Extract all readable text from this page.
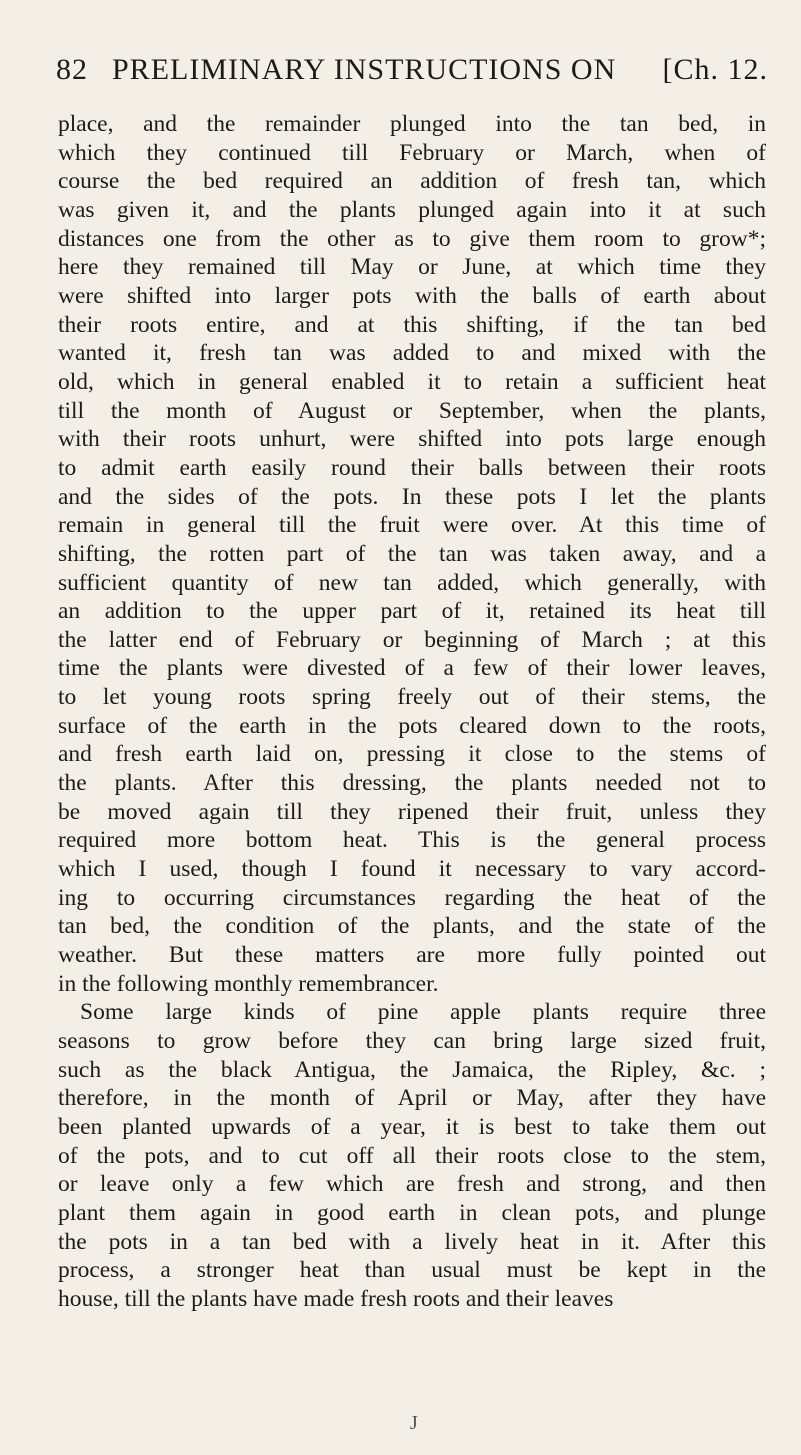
82 PRELIMINARY INSTRUCTIONS ON [Ch. 12.
place, and the remainder plunged into the tan bed, in
which they continued till February or March, when of
course the bed required an addition of fresh tan, which
was given it, and the plants plunged again into it at such
distances one from the other as to give them room to grow*;
here they remained till May or June, at which time they
were shifted into larger pots with the balls of earth about
their roots entire, and at this shifting, if the tan bed
wanted it, fresh tan was added to and mixed with the
old, which in general enabled it to retain a sufficient heat
till the month of August or September, when the plants,
with their roots unhurt, were shifted into pots large enough
to admit earth easily round their balls between their roots
and the sides of the pots. In these pots I let the plants
remain in general till the fruit were over. At this time of
shifting, the rotten part of the tan was taken away, and a
sufficient quantity of new tan added, which generally, with
an addition to the upper part of it, retained its heat till
the latter end of February or beginning of March ; at this
time the plants were divested of a few of their lower leaves,
to let young roots spring freely out of their stems, the
surface of the earth in the pots cleared down to the roots,
and fresh earth laid on, pressing it close to the stems of
the plants. After this dressing, the plants needed not to
be moved again till they ripened their fruit, unless they
required more bottom heat. This is the general process
which I used, though I found it necessary to vary accord-
ing to occurring circumstances regarding the heat of the
tan bed, the condition of the plants, and the state of the
weather. But these matters are more fully pointed out
in the following monthly remembrancer.
Some large kinds of pine apple plants require three
seasons to grow before they can bring large sized fruit,
such as the black Antigua, the Jamaica, the Ripley, &c. ;
therefore, in the month of April or May, after they have
been planted upwards of a year, it is best to take them out
of the pots, and to cut off all their roots close to the stem,
or leave only a few which are fresh and strong, and then
plant them again in good earth in clean pots, and plunge
the pots in a tan bed with a lively heat in it. After this
process, a stronger heat than usual must be kept in the
house, till the plants have made fresh roots and their leaves
J
